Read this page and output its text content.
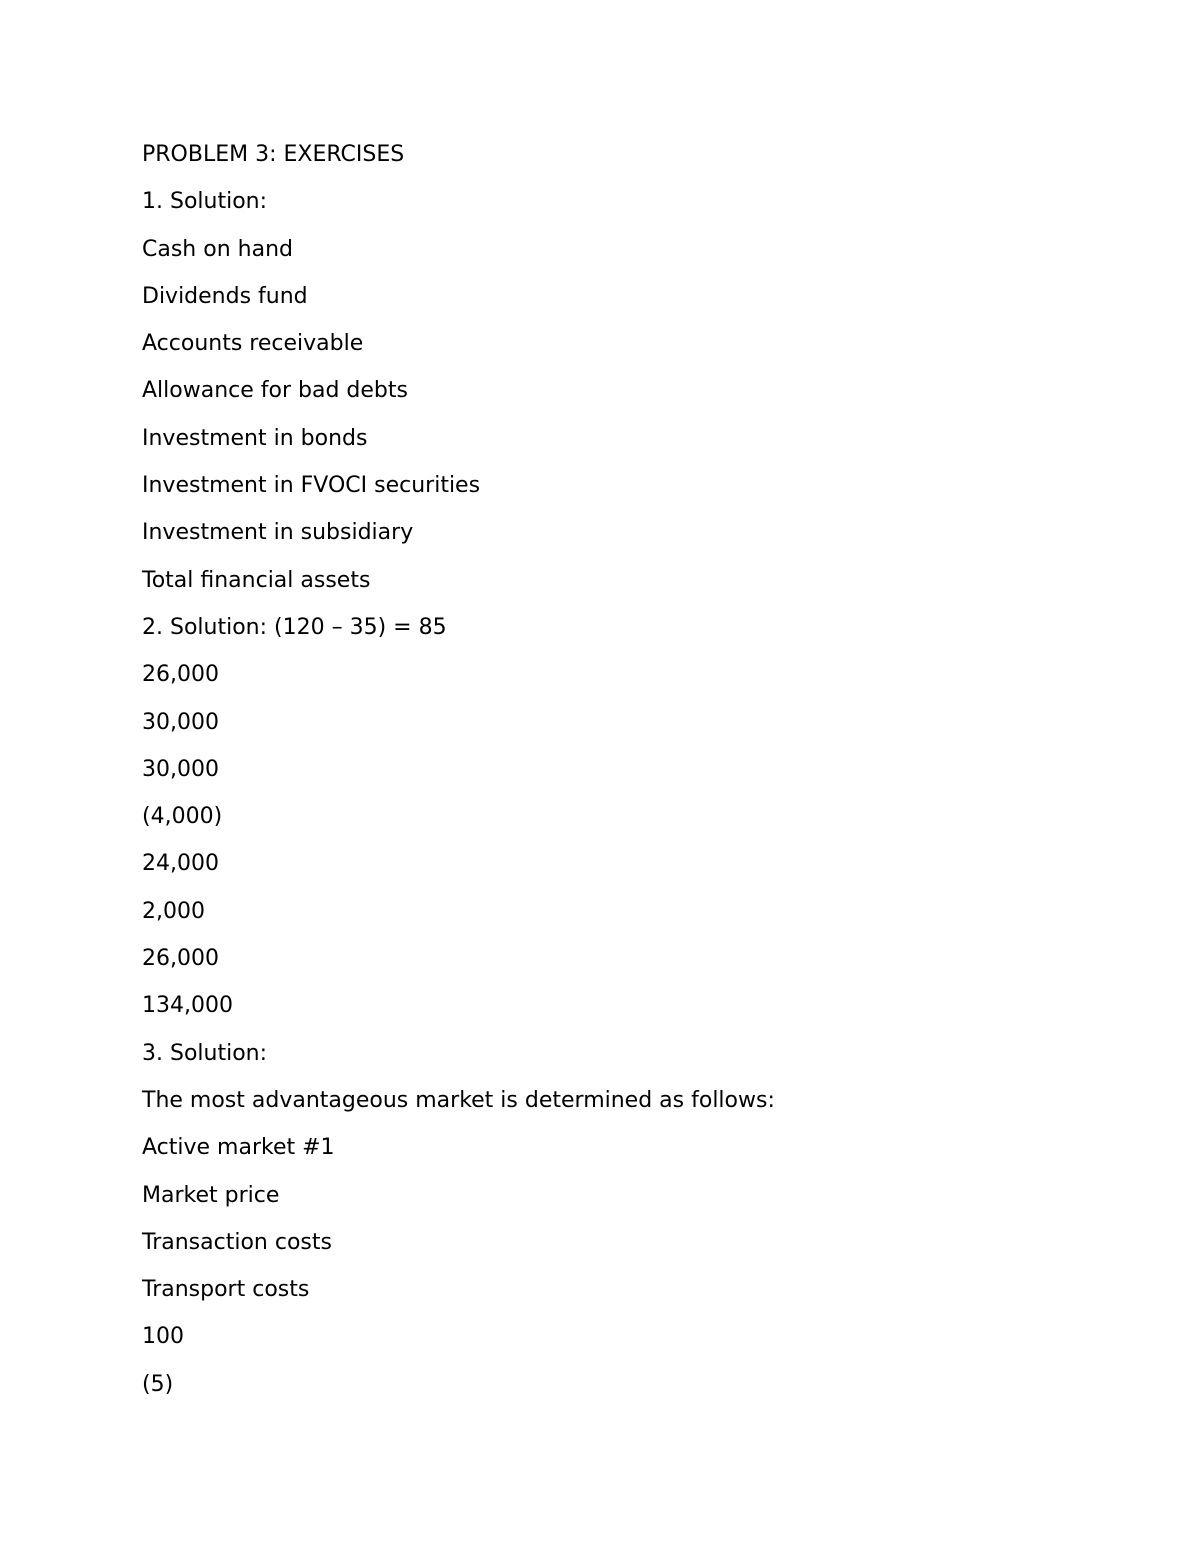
PROBLEM 3: EXERCISES

1. Solution:

Cash on hand

Dividends fund

Accounts receivable

Allowance for bad debts

Investment in bonds

Investment in FVOCI securities

Investment in subsidiary

Total financial assets

2. Solution: (120 – 35) = 85

26,000

30,000

30,000

(4,000)

24,000

2,000

26,000

134,000

3. Solution:

The most advantageous market is determined as follows:

Active market #1

Market price

Transaction costs

Transport costs

100

(5)
